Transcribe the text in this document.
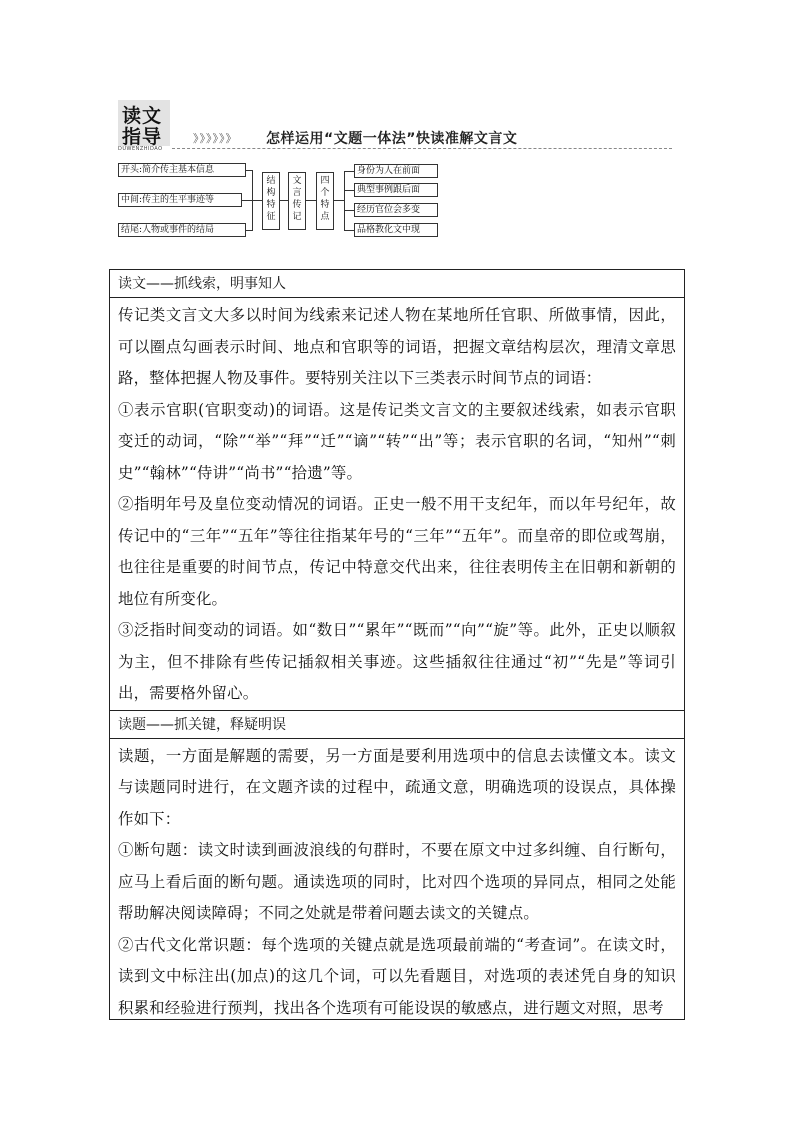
读文
指导
DUWENZHIDAO
》》》》》》 怎样运用“文题一体法”快读准解文言文
开头:简介传主基本信息
中间:传主的生平事迹等
结尾:人物或事件的结局
结构特征
文言传记
四个特点
身份为人在前面
典型事例跟后面
经历官位会多变
品格教化文中现
读文——抓线索，明事知人

传记类文言文大多以时间为线索来记述人物在某地所任官职、所做事情，因此，可以圈点勾画表示时间、地点和官职等的词语，把握文章结构层次，理清文章思路，整体把握人物及事件。要特别关注以下三类表示时间节点的词语：

①表示官职(官职变动)的词语。这是传记类文言文的主要叙述线索，如表示官职变迁的动词，“除”“举”“拜”“迁”“谪”“转”“出”等；表示官职的名词，“知州”“刺史”“翰林”“侍讲”“尚书”“拾遗”等。

②指明年号及皇位变动情况的词语。正史一般不用干支纪年，而以年号纪年，故传记中的“三年”“五年”等往往指某年号的“三年”“五年”。而皇帝的即位或驾崩，也往往是重要的时间节点，传记中特意交代出来，往往表明传主在旧朝和新朝的地位有所变化。

③泛指时间变动的词语。如“数日”“累年”“既而”“向”“旋”等。此外，正史以顺叙为主，但不排除有些传记插叙相关事迹。这些插叙往往通过“初”“先是”等词引出，需要格外留心。

读题——抓关键，释疑明误

读题，一方面是解题的需要，另一方面是要利用选项中的信息去读懂文本。读文与读题同时进行，在文题齐读的过程中，疏通文意，明确选项的设误点，具体操作如下：

①断句题：读文时读到画波浪线的句群时，不要在原文中过多纠缠、自行断句，应马上看后面的断句题。通读选项的同时，比对四个选项的异同点，相同之处能帮助解决阅读障碍；不同之处就是带着问题去读文的关键点。

②古代文化常识题：每个选项的关键点就是选项最前端的“考查词”。在读文时，读到文中标注出(加点)的这几个词，可以先看题目，对选项的表述凭自身的知识积累和经验进行预判，找出各个选项有可能设误的敏感点，进行题文对照，思考
